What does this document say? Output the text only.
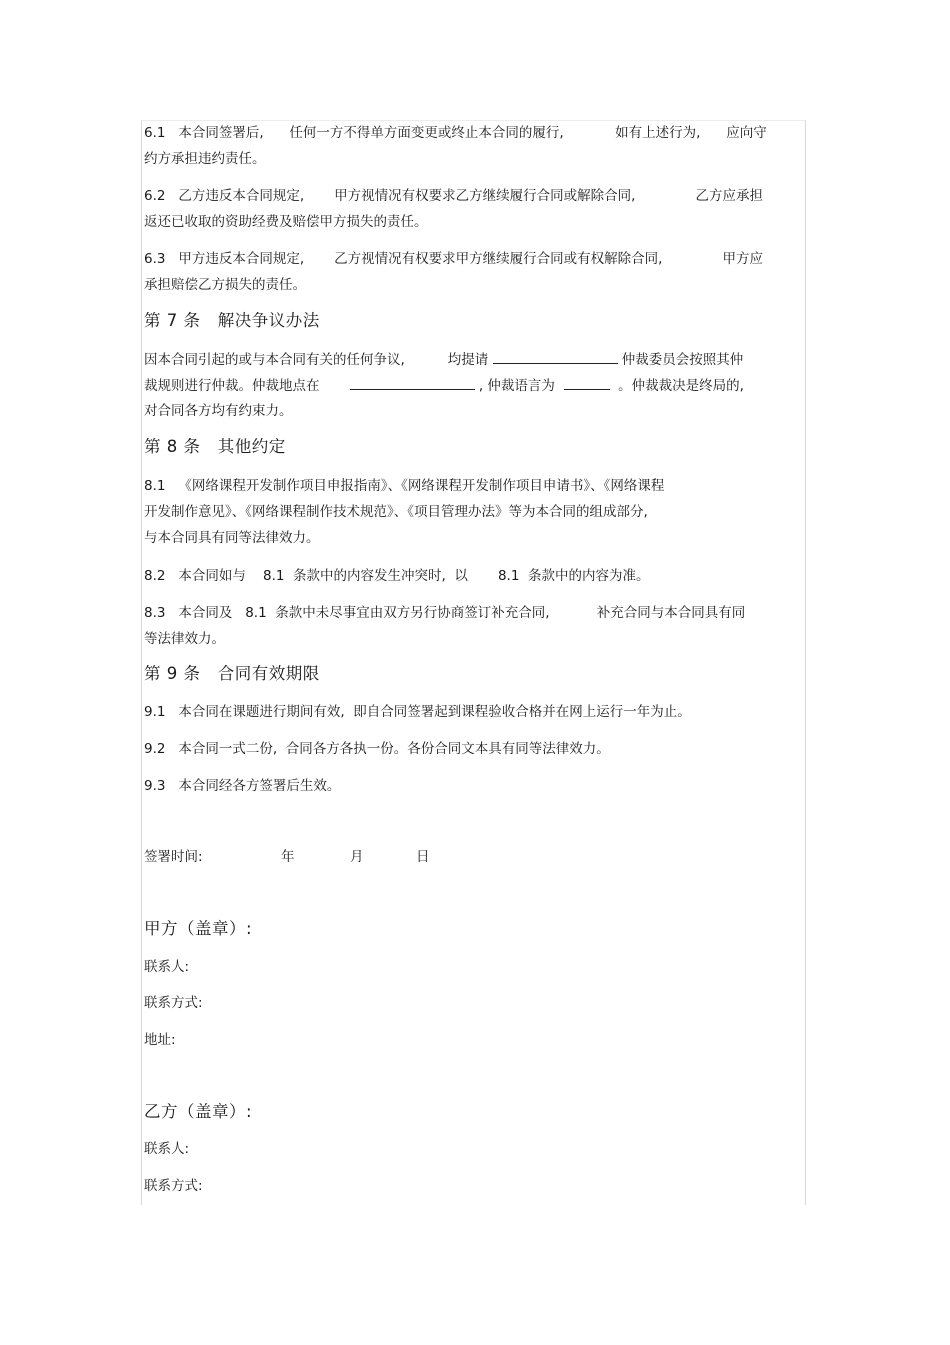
6.1   本合同签署后,      任何一方不得单方面变更或终止本合同的履行,            如有上述行为,      应向守
约方承担违约责任。
6.2   乙方违反本合同规定,       甲方视情况有权要求乙方继续履行合同或解除合同,              乙方应承担
返还已收取的资助经费及赔偿甲方损失的责任。
6.3   甲方违反本合同规定,       乙方视情况有权要求甲方继续履行合同或有权解除合同,              甲方应
承担赔偿乙方损失的责任。
第 7 条   解决争议办法
因本合同引起的或与本合同有关的任何争议,          均提请	仲裁委员会按照其仲
裁规则进行仲裁。仲裁地点在	, 仲裁语言为	。仲裁裁决是终局的,
对合同各方均有约束力。
第 8 条   其他约定
8.1   《网络课程开发制作项目申报指南》、《网络课程开发制作项目申请书》、《网络课程
开发制作意见》、《网络课程制作技术规范》、《项目管理办法》等为本合同的组成部分,
与本合同具有同等法律效力。
8.2   本合同如与    8.1  条款中的内容发生冲突时,  以       8.1  条款中的内容为准。
8.3   本合同及   8.1  条款中未尽事宜由双方另行协商签订补充合同,           补充合同与本合同具有同
等法律效力。
第 9 条   合同有效期限
9.1   本合同在课题进行期间有效,  即自合同签署起到课程验收合格并在网上运行一年为止。
9.2   本合同一式二份,  合同各方各执一份。各份合同文本具有同等法律效力。
9.3   本合同经各方签署后生效。
签署时间:	年	月	日
甲方（盖章）:
联系人:
联系方式:
地址:
乙方（盖章）:
联系人:
联系方式:
